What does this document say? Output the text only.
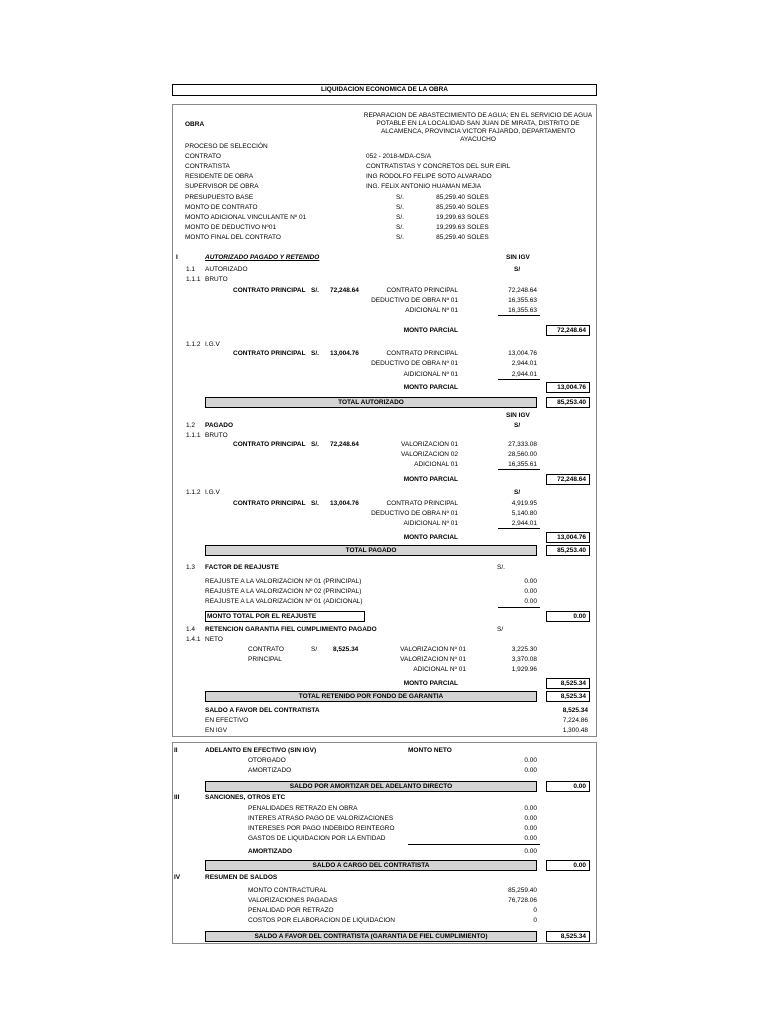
LIQUIDACION ECONOMICA DE LA OBRA
OBRA
REPARACION DE ABASTECIMIENTO DE AGUA; EN EL SERVICIO DE AGUA
POTABLE EN LA LOCALIDAD SAN JUAN DE MIRATA, DISTRITO DE
ALCAMENCA, PROVINCIA VICTOR FAJARDO, DEPARTAMENTO
AYACUCHO
PROCESO DE SELECCIÓN
CONTRATO	052 - 2018-MDA-CS/A
CONTRATISTA	CONTRATISTAS Y CONCRETOS DEL SUR EIRL
RESIDENTE DE OBRA	ING RODOLFO FELIPE SOTO ALVARADO
SUPERVISOR DE OBRA	ING. FELIX ANTONIO HUAMAN MEJIA
PRESUPUESTO BASE	S/.	85,259.40 SOLES
MONTO DE CONTRATO	S/.	85,259.40 SOLES
MONTO ADICIONAL VINCULANTE Nº 01	S/.	19,299.63 SOLES
MONTO DE DEDUCTIVO Nº01	S/.	19,299.63 SOLES
MONTO FINAL DEL CONTRATO	S/.	85,259.40 SOLES
I	AUTORIZADO PAGADO Y RETENIDO	SIN IGV
S/
1.1 AUTORIZADO
1.1.1 BRUTO
CONTRATO PRINCIPAL S/. 72,248.64	CONTRATO PRINCIPAL	72,248.64
DEDUCTIVO DE OBRA Nº 01	16,355.63
ADICIONAL Nº 01	16,355.63
MONTO PARCIAL	72,248.64
1.1.2 I.G.V
CONTRATO PRINCIPAL S/. 13,004.76	CONTRATO PRINCIPAL	13,004.76
DEDUCTIVO DE OBRA Nº 01	2,944.01
AIDICIONAL Nº 01	2,944.01
MONTO PARCIAL	13,004.76
TOTAL AUTORIZADO	85,253.40
SIN IGV
1.2 PAGADO	S/
1.1.1 BRUTO
CONTRATO PRINCIPAL S/. 72,248.64	VALORIZACION 01	27,333.08
VALORIZACION 02	28,560.00
ADICIONAL 01	16,355.61
MONTO PARCIAL	72,248.64
1.1.2 I.G.V	S/
CONTRATO PRINCIPAL S/. 13,004.76	CONTRATO PRINCIPAL	4,919.95
DEDUCTIVO DE OBRA Nº 01	5,140.80
AIDICIONAL Nº 01	2,944.01
MONTO PARCIAL	13,004.76
TOTAL PAGADO	85,253.40
1.3 FACTOR DE REAJUSTE	S/.
REAJUSTE A LA VALORIZACION Nº 01 (PRINCIPAL)	0.00
REAJUSTE A LA VALORIZACION Nº 02 (PRINCIPAL)	0.00
REAJUSTE A LA VALORIZACION Nº 01 (ADICIONAL)	0.00
MONTO TOTAL POR EL REAJUSTE	0.00
1.4 RETENCION GARANTIA FIEL CUMPLIMIENTO PAGADO	S/
1.4.1 NETO
CONTRATO
PRINCIPAL
S/ 8,525.34	VALORIZACION Nº 01	3,225.30
VALORIZACION Nº 01	3,370.08
ADICIONAL Nº 01	1,929.96
MONTO PARCIAL	8,525.34
TOTAL RETENIDO POR FONDO DE GARANTIA	8,525.34
SALDO A FAVOR DEL CONTRATISTA	8,525.34
EN EFECTIVO	7,224.86
EN IGV	1,300.48
II	ADELANTO EN EFECTIVO (SIN IGV)	MONTO NETO
OTORGADO	0.00
AMORTIZADO	0.00
SALDO POR AMORTIZAR DEL ADELANTO DIRECTO	0.00
III	SANCIONES, OTROS ETC
PENALIDADES RETRAZO EN OBRA	0.00
INTERES ATRASO PAGO DE VALORIZACIONES	0.00
INTERESES POR PAGO INDEBIDO REINTEGRO	0.00
GASTOS DE LIQUIDACION POR LA ENTIDAD	0.00
AMORTIZADO	0.00
SALDO A CARGO DEL CONTRATISTA	0.00
IV	RESUMEN DE SALDOS
MONTO CONTRACTURAL	85,259.40
VALORIZACIONES PAGADAS	76,728.06
PENALIDAD POR RETRAZO	0
COSTOS POR ELABORACION DE LIQUIDACION	0
SALDO A FAVOR DEL CONTRATISTA (GARANTIA DE FIEL CUMPLIMIENTO)	8,525.34
